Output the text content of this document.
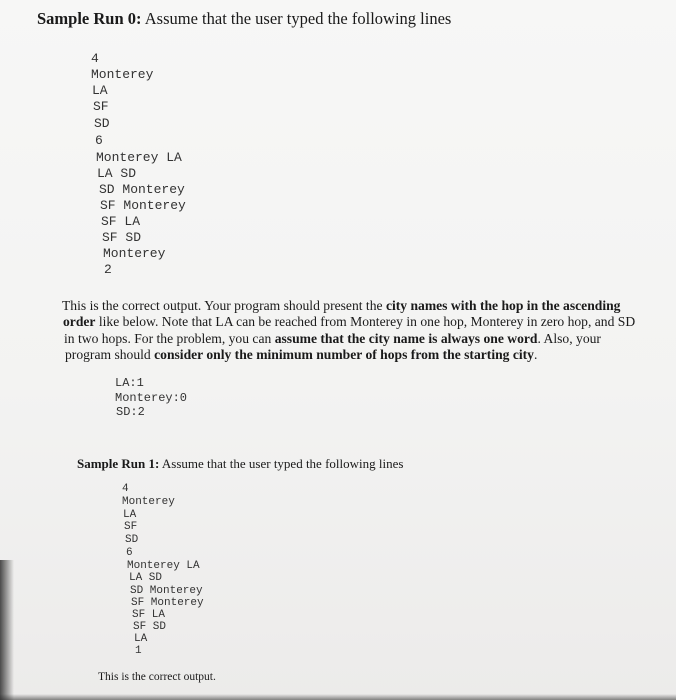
Sample Run 0: Assume that the user typed the following lines
4
Monterey
LA
SF
SD
6
Monterey LA
LA SD
SD Monterey
SF Monterey
SF LA
SF SD
Monterey
2
This is the correct output. Your program should present the city names with the hop in the ascending
order like below. Note that LA can be reached from Monterey in one hop, Monterey in zero hop, and SD
in two hops. For the problem, you can assume that the city name is always one word. Also, your
program should consider only the minimum number of hops from the starting city.
LA:1
Monterey:0
SD:2
Sample Run 1: Assume that the user typed the following lines
4
Monterey
LA
SF
SD
6
Monterey LA
LA SD
SD Monterey
SF Monterey
SF LA
SF SD
LA
1
This is the correct output.
